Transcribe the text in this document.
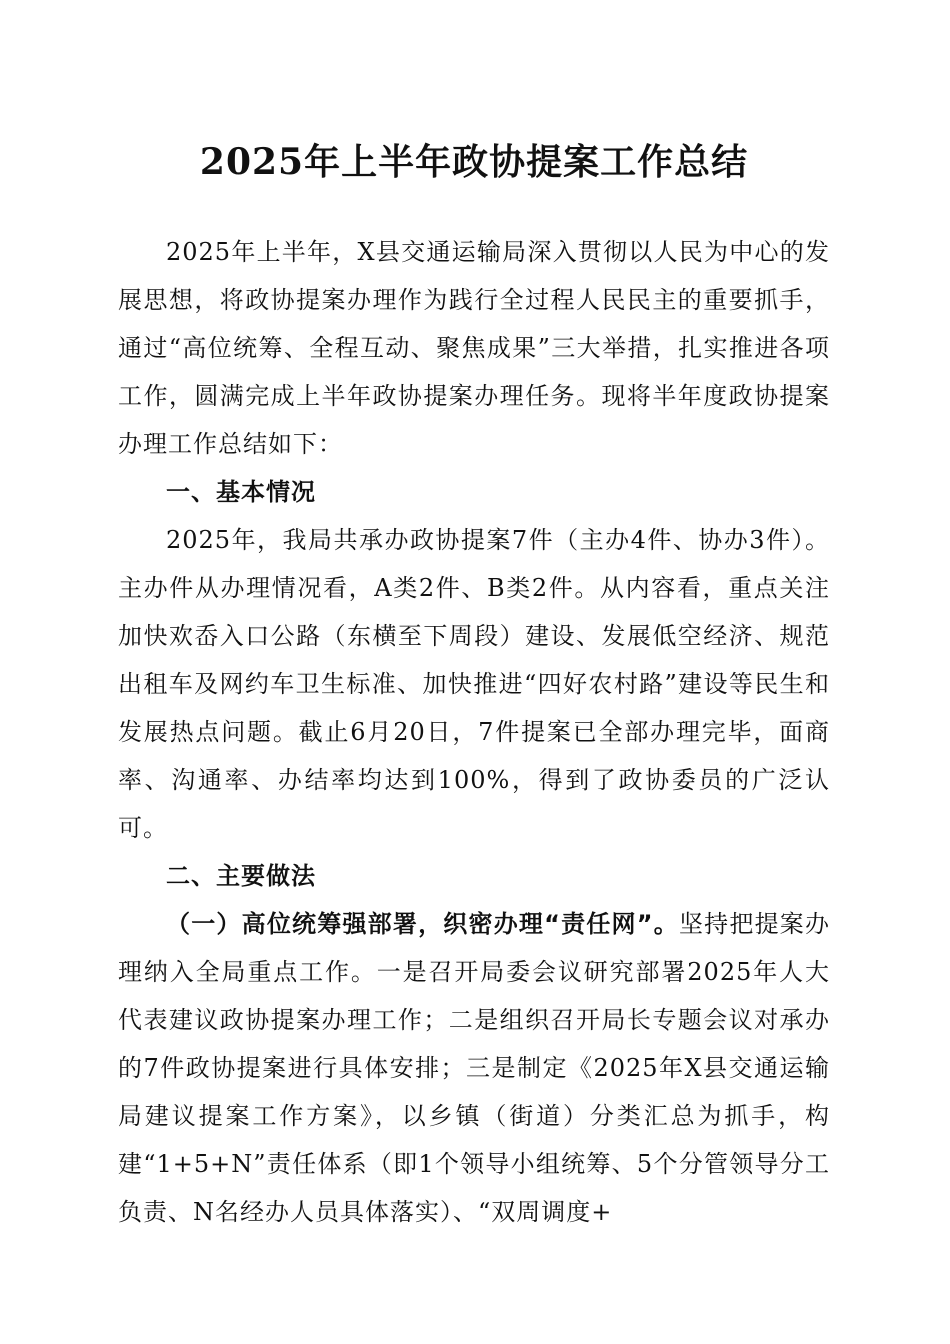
2025年上半年政协提案工作总结

2025年上半年，X县交通运输局深入贯彻以人民为中心的发展思想，将政协提案办理作为践行全过程人民民主的重要抓手，通过“高位统筹、全程互动、聚焦成果”三大举措，扎实推进各项工作，圆满完成上半年政协提案办理任务。现将半年度政协提案办理工作总结如下：

一、基本情况

2025年，我局共承办政协提案7件（主办4件、协办3件）。主办件从办理情况看，A类2件、B类2件。从内容看，重点关注加快欢岙入口公路（东横至下周段）建设、发展低空经济、规范出租车及网约车卫生标准、加快推进“四好农村路”建设等民生和发展热点问题。截止6月20日，7件提案已全部办理完毕，面商率、沟通率、办结率均达到100%，得到了政协委员的广泛认可。

二、主要做法

（一）高位统筹强部署，织密办理“责任网”。坚持把提案办理纳入全局重点工作。一是召开局委会议研究部署2025年人大代表建议政协提案办理工作；二是组织召开局长专题会议对承办的7件政协提案进行具体安排；三是制定《2025年X县交通运输局建议提案工作方案》，以乡镇（街道）分类汇总为抓手，构建“1+5+N”责任体系（即1个领导小组统筹、5个分管领导分工负责、N名经办人员具体落实）、“双周调度+
